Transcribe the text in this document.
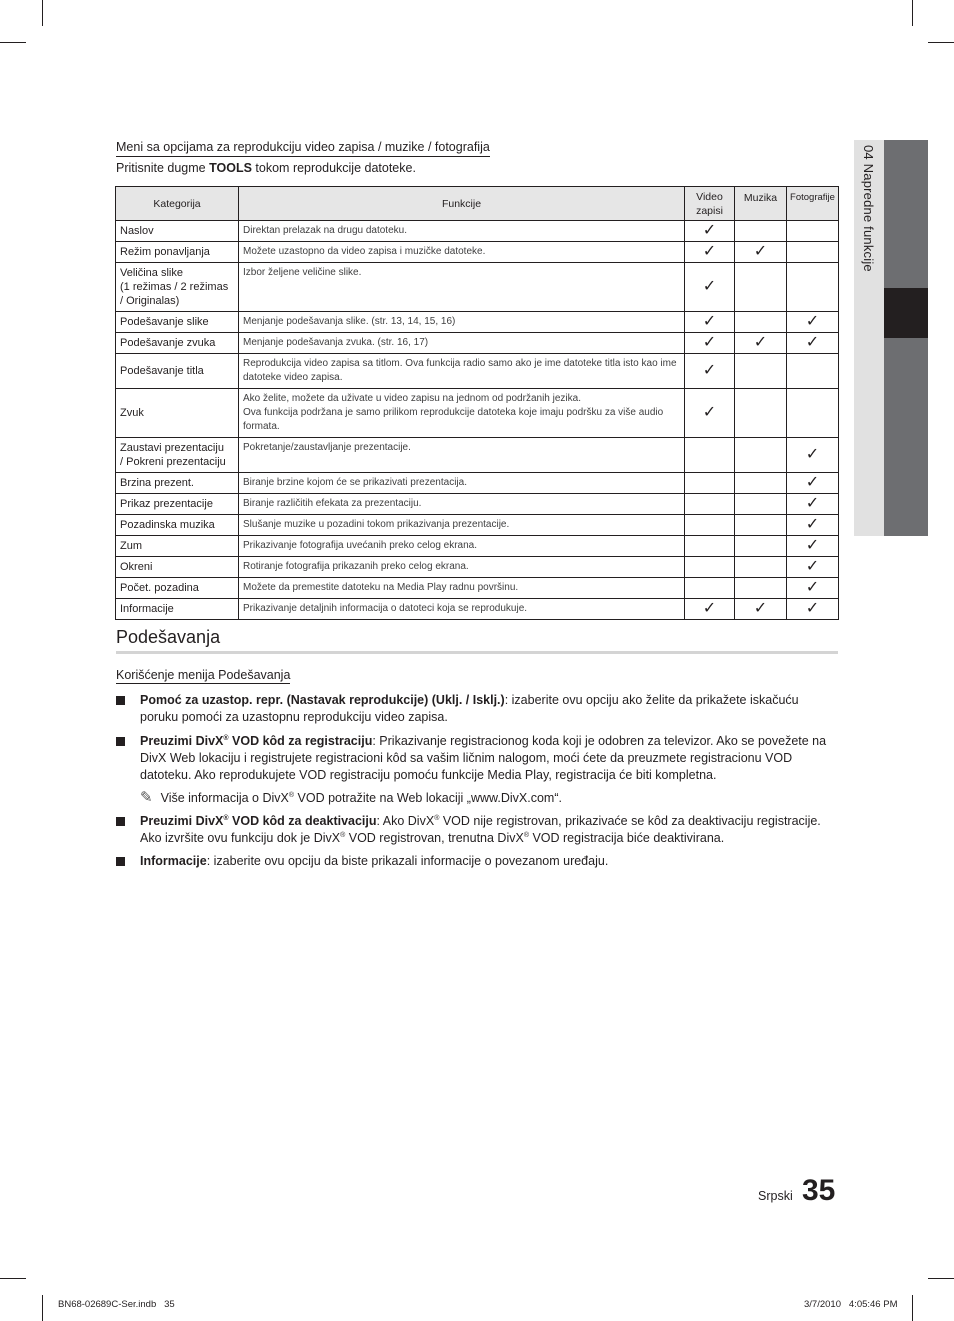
04 Napredne funkcije
Meni sa opcijama za reprodukciju video zapisa / muzike / fotografija
Pritisnite dugme TOOLS tokom reprodukcije datoteke.
Kategorija	Funkcije	Video zapisi	Muzika	Fotografije
Naslov	Direktan prelazak na drugu datoteku.	✓		
Režim ponavljanja	Možete uzastopno da video zapisa i muzičke datoteke.	✓	✓	
Veličina slike
(1 režimas / 2 režimas
/ Originalas)	Izbor željene veličine slike.	✓		
Podešavanje slike	Menjanje podešavanja slike. (str. 13, 14, 15, 16)	✓		✓
Podešavanje zvuka	Menjanje podešavanja zvuka. (str. 16, 17)	✓	✓	✓
Podešavanje titla	Reprodukcija video zapisa sa titlom. Ova funkcija radio samo ako je ime datoteke titla isto kao ime datoteke video zapisa.	✓		
Zvuk	Ako želite, možete da uživate u video zapisu na jednom od podržanih jezika.
Ova funkcija podržana je samo prilikom reprodukcije datoteka koje imaju podršku za više audio formata.	✓		
Zaustavi prezentaciju
/ Pokreni prezentaciju	Pokretanje/zaustavljanje prezentacije.			✓
Brzina prezent.	Biranje brzine kojom će se prikazivati prezentacija.			✓
Prikaz prezentacije	Biranje različitih efekata za prezentaciju.			✓
Pozadinska muzika	Slušanje muzike u pozadini tokom prikazivanja prezentacije.			✓
Zum	Prikazivanje fotografija uvećanih preko celog ekrana.			✓
Okreni	Rotiranje fotografija prikazanih preko celog ekrana.			✓
Počet. pozadina	Možete da premestite datoteku na Media Play radnu površinu.			✓
Informacije	Prikazivanje detaljnih informacija o datoteci koja se reprodukuje.	✓	✓	✓
Podešavanja
Korišćenje menija Podešavanja
Pomoć za uzastop. repr. (Nastavak reprodukcije) (Uklj. / Isklj.): izaberite ovu opciju ako želite da prikažete iskačuću poruku pomoći za uzastopnu reprodukciju video zapisa.
Preuzimi DivX® VOD kôd za registraciju: Prikazivanje registracionog koda koji je odobren za televizor. Ako se povežete na DivX Web lokaciju i registrujete registracioni kôd sa vašim ličnim nalogom, moći ćete da preuzmete registracionu VOD datoteku. Ako reprodukujete VOD registraciju pomoću funkcije Media Play, registracija će biti kompletna.
✎ Više informacija o DivX® VOD potražite na Web lokaciji „www.DivX.com“.
Preuzimi DivX® VOD kôd za deaktivaciju: Ako DivX® VOD nije registrovan, prikazivaće se kôd za deaktivaciju registracije. Ako izvršite ovu funkciju dok je DivX® VOD registrovan, trenutna DivX® VOD registracija biće deaktivirana.
Informacije: izaberite ovu opciju da biste prikazali informacije o povezanom uređaju.
Srpski 35
BN68-02689C-Ser.indb   35	3/7/2010   4:05:46 PM
